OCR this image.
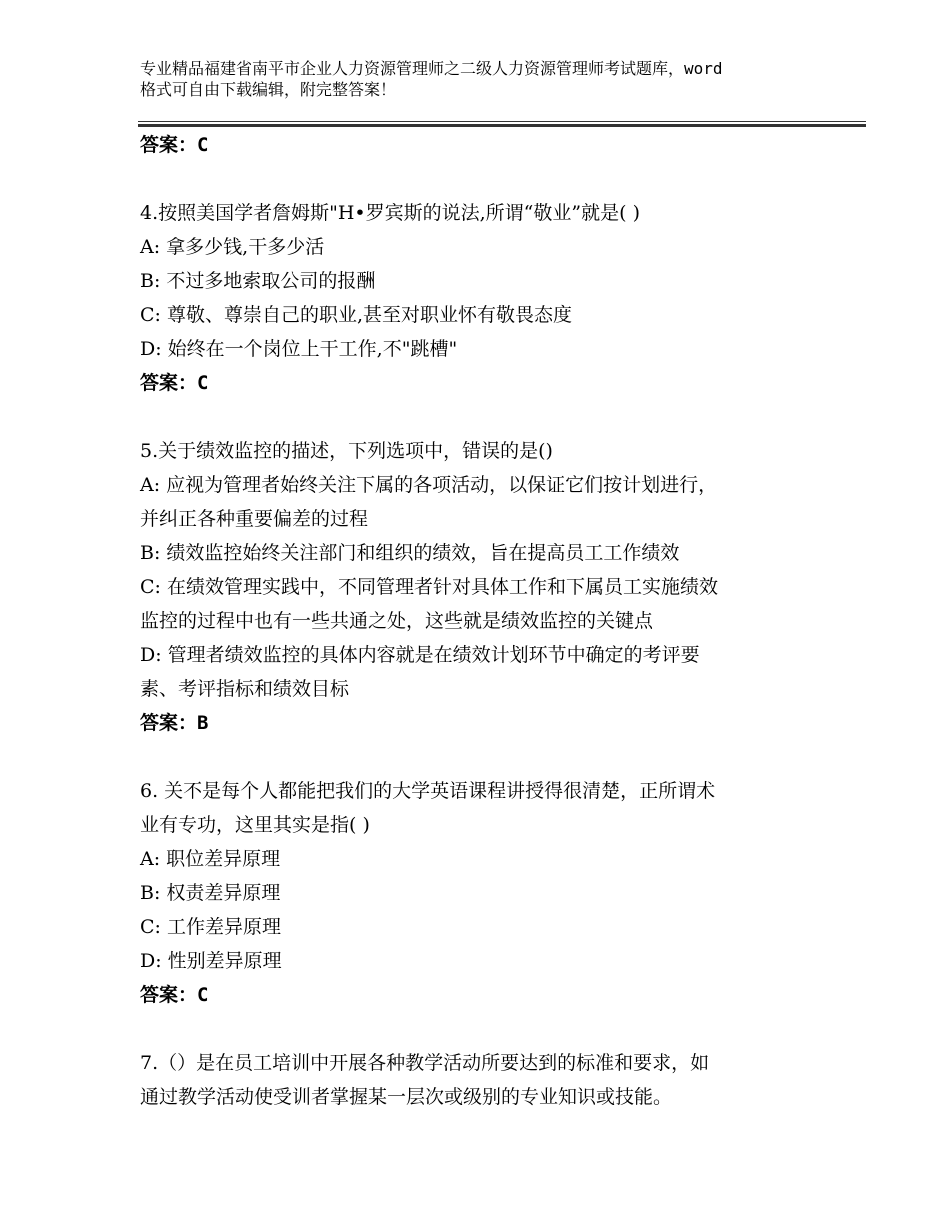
专业精品福建省南平市企业人力资源管理师之二级人力资源管理师考试题库，word
格式可自由下载编辑，附完整答案！
答案：C
4.按照美国学者詹姆斯"H•罗宾斯的说法,所谓“敬业”就是( )
A: 拿多少钱,干多少活
B: 不过多地索取公司的报酬
C: 尊敬、尊崇自己的职业,甚至对职业怀有敬畏态度
D: 始终在一个岗位上干工作,不"跳槽"
答案：C
5.关于绩效监控的描述，下列选项中，错误的是()
A: 应视为管理者始终关注下属的各项活动，以保证它们按计划进行，
并纠正各种重要偏差的过程
B: 绩效监控始终关注部门和组织的绩效，旨在提高员工工作绩效
C: 在绩效管理实践中，不同管理者针对具体工作和下属员工实施绩效
监控的过程中也有一些共通之处，这些就是绩效监控的关键点
D: 管理者绩效监控的具体内容就是在绩效计划环节中确定的考评要
素、考评指标和绩效目标
答案：B
6. 关不是每个人都能把我们的大学英语课程讲授得很清楚，正所谓术
业有专功，这里其实是指( )
A: 职位差异原理
B: 权责差异原理
C: 工作差异原理
D: 性别差异原理
答案：C
7.（）是在员工培训中开展各种教学活动所要达到的标准和要求，如
通过教学活动使受训者掌握某一层次或级别的专业知识或技能。
